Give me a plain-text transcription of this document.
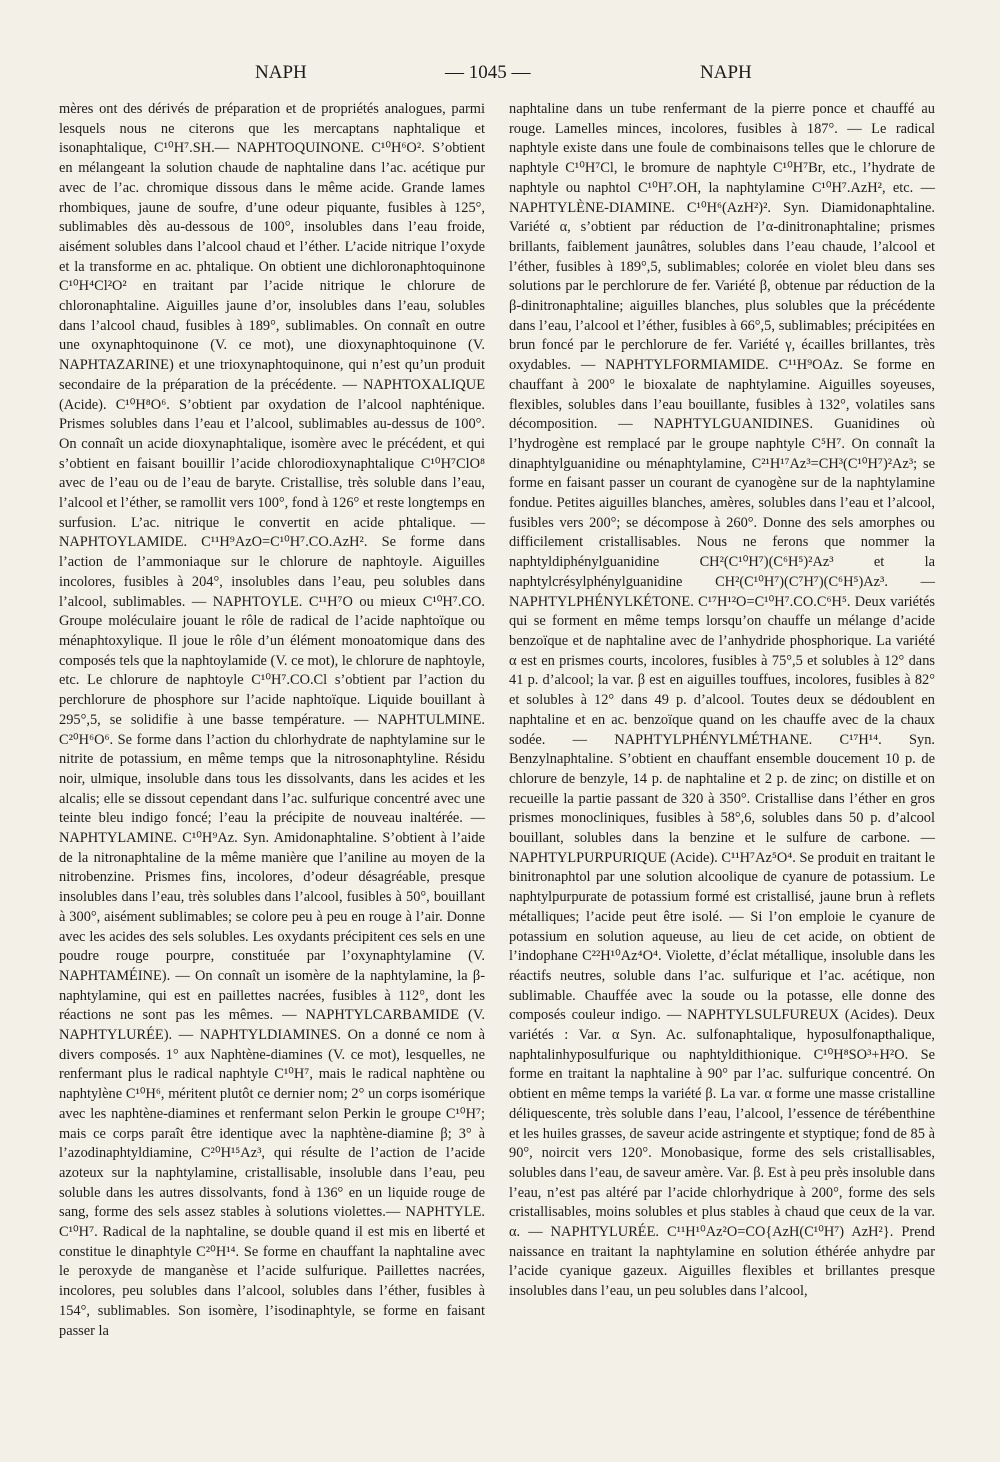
NAPH	— 1045 —	NAPH

mères ont des dérivés de préparation et de propriétés analogues, parmi lesquels nous ne citerons que les mercaptans naphtalique et isonaphtalique, C¹⁰H⁷.SH.— NAPHTOQUINONE. C¹⁰H⁶O². S’obtient en mélangeant la solution chaude de naphtaline dans l’ac. acétique pur avec de l’ac. chromique dissous dans le même acide. Grande lames rhombiques, jaune de soufre, d’une odeur piquante, fusibles à 125°, sublimables dès au-dessous de 100°, insolubles dans l’eau froide, aisément solubles dans l’alcool chaud et l’éther. L’acide nitrique l’oxyde et la transforme en ac. phtalique. On obtient une dichloronaphtoquinone C¹⁰H⁴Cl²O² en traitant par l’acide nitrique le chlorure de chloronaphtaline. Aiguilles jaune d’or, insolubles dans l’eau, solubles dans l’alcool chaud, fusibles à 189°, sublimables. On connaît en outre une oxynaphtoquinone (V. ce mot), une dioxynaphtoquinone (V. NAPHTAZARINE) et une trioxynaphtoquinone, qui n’est qu’un produit secondaire de la préparation de la précédente. — NAPHTOXALIQUE (Acide). C¹⁰H⁸O⁶. S’obtient par oxydation de l’alcool naphténique. Prismes solubles dans l’eau et l’alcool, sublimables au-dessus de 100°. On connaît un acide dioxynaphtalique, isomère avec le précédent, et qui s’obtient en faisant bouillir l’acide chlorodioxynaphtalique C¹⁰H⁷ClO⁸ avec de l’eau ou de l’eau de baryte. Cristallise, très soluble dans l’eau, l’alcool et l’éther, se ramollit vers 100°, fond à 126° et reste longtemps en surfusion. L’ac. nitrique le convertit en acide phtalique. — NAPHTOYLAMIDE. C¹¹H⁹AzO=C¹⁰H⁷.CO.AzH². Se forme dans l’action de l’ammoniaque sur le chlorure de naphtoyle. Aiguilles incolores, fusibles à 204°, insolubles dans l’eau, peu solubles dans l’alcool, sublimables. — NAPHTOYLE. C¹¹H⁷O ou mieux C¹⁰H⁷.CO. Groupe moléculaire jouant le rôle de radical de l’acide naphtoïque ou ménaphtoxylique. Il joue le rôle d’un élément monoatomique dans des composés tels que la naphtoylamide (V. ce mot), le chlorure de naphtoyle, etc. Le chlorure de naphtoyle C¹⁰H⁷.CO.Cl s’obtient par l’action du perchlorure de phosphore sur l’acide naphtoïque. Liquide bouillant à 295°,5, se solidifie à une basse température. — NAPHTULMINE. C²⁰H⁶O⁶. Se forme dans l’action du chlorhydrate de naphtylamine sur le nitrite de potassium, en même temps que la nitrosonaphtyline. Résidu noir, ulmique, insoluble dans tous les dissolvants, dans les acides et les alcalis; elle se dissout cependant dans l’ac. sulfurique concentré avec une teinte bleu indigo foncé; l’eau la précipite de nouveau inaltérée. — NAPHTYLAMINE. C¹⁰H⁹Az. Syn. Amidonaphtaline. S’obtient à l’aide de la nitronaphtaline de la même manière que l’aniline au moyen de la nitrobenzine. Prismes fins, incolores, d’odeur désagréable, presque insolubles dans l’eau, très solubles dans l’alcool, fusibles à 50°, bouillant à 300°, aisément sublimables; se colore peu à peu en rouge à l’air. Donne avec les acides des sels solubles. Les oxydants précipitent ces sels en une poudre rouge pourpre, constituée par l’oxynaphtylamine (V. NAPHTAMÉINE). — On connaît un isomère de la naphtylamine, la β-naphtylamine, qui est en paillettes nacrées, fusibles à 112°, dont les réactions ne sont pas les mêmes. — NAPHTYLCARBAMIDE (V. NAPHTYLURÉE). — NAPHTYLDIAMINES. On a donné ce nom à divers composés. 1° aux Naphtène-diamines (V. ce mot), lesquelles, ne renfermant plus le radical naphtyle C¹⁰H⁷, mais le radical naphtène ou naphtylène C¹⁰H⁶, méritent plutôt ce dernier nom; 2° un corps isomérique avec les naphtène-diamines et renfermant selon Perkin le groupe C¹⁰H⁷; mais ce corps paraît être identique avec la naphtène-diamine β; 3° à l’azodinaphtyldiamine, C²⁰H¹⁵Az³, qui résulte de l’action de l’acide azoteux sur la naphtylamine, cristallisable, insoluble dans l’eau, peu soluble dans les autres dissolvants, fond à 136° en un liquide rouge de sang, forme des sels assez stables à solutions violettes.— NAPHTYLE. C¹⁰H⁷. Radical de la naphtaline, se double quand il est mis en liberté et constitue le dinaphtyle C²⁰H¹⁴. Se forme en chauffant la naphtaline avec le peroxyde de manganèse et l’acide sulfurique. Paillettes nacrées, incolores, peu solubles dans l’alcool, solubles dans l’éther, fusibles à 154°, sublimables. Son isomère, l’isodinaphtyle, se forme en faisant passer la

naphtaline dans un tube renfermant de la pierre ponce et chauffé au rouge. Lamelles minces, incolores, fusibles à 187°. — Le radical naphtyle existe dans une foule de combinaisons telles que le chlorure de naphtyle C¹⁰H⁷Cl, le bromure de naphtyle C¹⁰H⁷Br, etc., l’hydrate de naphtyle ou naphtol C¹⁰H⁷.OH, la naphtylamine C¹⁰H⁷.AzH², etc. — NAPHTYLÈNE-DIAMINE. C¹⁰H⁶(AzH²)². Syn. Diamidonaphtaline. Variété α, s’obtient par réduction de l’α-dinitronaphtaline; prismes brillants, faiblement jaunâtres, solubles dans l’eau chaude, l’alcool et l’éther, fusibles à 189°,5, sublimables; colorée en violet bleu dans ses solutions par le perchlorure de fer. Variété β, obtenue par réduction de la β-dinitronaphtaline; aiguilles blanches, plus solubles que la précédente dans l’eau, l’alcool et l’éther, fusibles à 66°,5, sublimables; précipitées en brun foncé par le perchlorure de fer. Variété γ, écailles brillantes, très oxydables. — NAPHTYLFORMIAMIDE. C¹¹H⁹OAz. Se forme en chauffant à 200° le bioxalate de naphtylamine. Aiguilles soyeuses, flexibles, solubles dans l’eau bouillante, fusibles à 132°, volatiles sans décomposition. — NAPHTYLGUANIDINES. Guanidines où l’hydrogène est remplacé par le groupe naphtyle C⁵H⁷. On connaît la dinaphtylguanidine ou ménaphtylamine, C²¹H¹⁷Az³=CH³(C¹⁰H⁷)²Az³; se forme en faisant passer un courant de cyanogène sur de la naphtylamine fondue. Petites aiguilles blanches, amères, solubles dans l’eau et l’alcool, fusibles vers 200°; se décompose à 260°. Donne des sels amorphes ou difficilement cristallisables. Nous ne ferons que nommer la naphtyldiphénylguanidine CH²(C¹⁰H⁷)(C⁶H⁵)²Az³ et la naphtylcrésylphénylguanidine CH²(C¹⁰H⁷)(C⁷H⁷)(C⁶H⁵)Az³. — NAPHTYLPHÉNYLKÉTONE. C¹⁷H¹²O=C¹⁰H⁷.CO.C⁶H⁵. Deux variétés qui se forment en même temps lorsqu’on chauffe un mélange d’acide benzoïque et de naphtaline avec de l’anhydride phosphorique. La variété α est en prismes courts, incolores, fusibles à 75°,5 et solubles à 12° dans 41 p. d’alcool; la var. β est en aiguilles touffues, incolores, fusibles à 82° et solubles à 12° dans 49 p. d’alcool. Toutes deux se dédoublent en naphtaline et en ac. benzoïque quand on les chauffe avec de la chaux sodée. — NAPHTYLPHÉNYLMÉTHANE. C¹⁷H¹⁴. Syn. Benzylnaphtaline. S’obtient en chauffant ensemble doucement 10 p. de chlorure de benzyle, 14 p. de naphtaline et 2 p. de zinc; on distille et on recueille la partie passant de 320 à 350°. Cristallise dans l’éther en gros prismes monocliniques, fusibles à 58°,6, solubles dans 50 p. d’alcool bouillant, solubles dans la benzine et le sulfure de carbone. — NAPHTYLPURPURIQUE (Acide). C¹¹H⁷Az⁵O⁴. Se produit en traitant le binitronaphtol par une solution alcoolique de cyanure de potassium. Le naphtylpurpurate de potassium formé est cristallisé, jaune brun à reflets métalliques; l’acide peut être isolé. — Si l’on emploie le cyanure de potassium en solution aqueuse, au lieu de cet acide, on obtient de l’indophane C²²H¹⁰Az⁴O⁴. Violette, d’éclat métallique, insoluble dans les réactifs neutres, soluble dans l’ac. sulfurique et l’ac. acétique, non sublimable. Chauffée avec la soude ou la potasse, elle donne des composés couleur indigo. — NAPHTYLSULFUREUX (Acides). Deux variétés : Var. α Syn. Ac. sulfonaphtalique, hyposulfonapthalique, naphtalinhyposulfurique ou naphtyldithionique. C¹⁰H⁸SO³+H²O. Se forme en traitant la naphtaline à 90° par l’ac. sulfurique concentré. On obtient en même temps la variété β. La var. α forme une masse cristalline déliquescente, très soluble dans l’eau, l’alcool, l’essence de térébenthine et les huiles grasses, de saveur acide astringente et styptique; fond de 85 à 90°, noircit vers 120°. Monobasique, forme des sels cristallisables, solubles dans l’eau, de saveur amère. Var. β. Est à peu près insoluble dans l’eau, n’est pas altéré par l’acide chlorhydrique à 200°, forme des sels cristallisables, moins solubles et plus stables à chaud que ceux de la var. α. — NAPHTYLURÉE. C¹¹H¹⁰Az²O=CO{AzH(C¹⁰H⁷) AzH²}. Prend naissance en traitant la naphtylamine en solution éthérée anhydre par l’acide cyanique gazeux. Aiguilles flexibles et brillantes presque insolubles dans l’eau, un peu solubles dans l’alcool,
